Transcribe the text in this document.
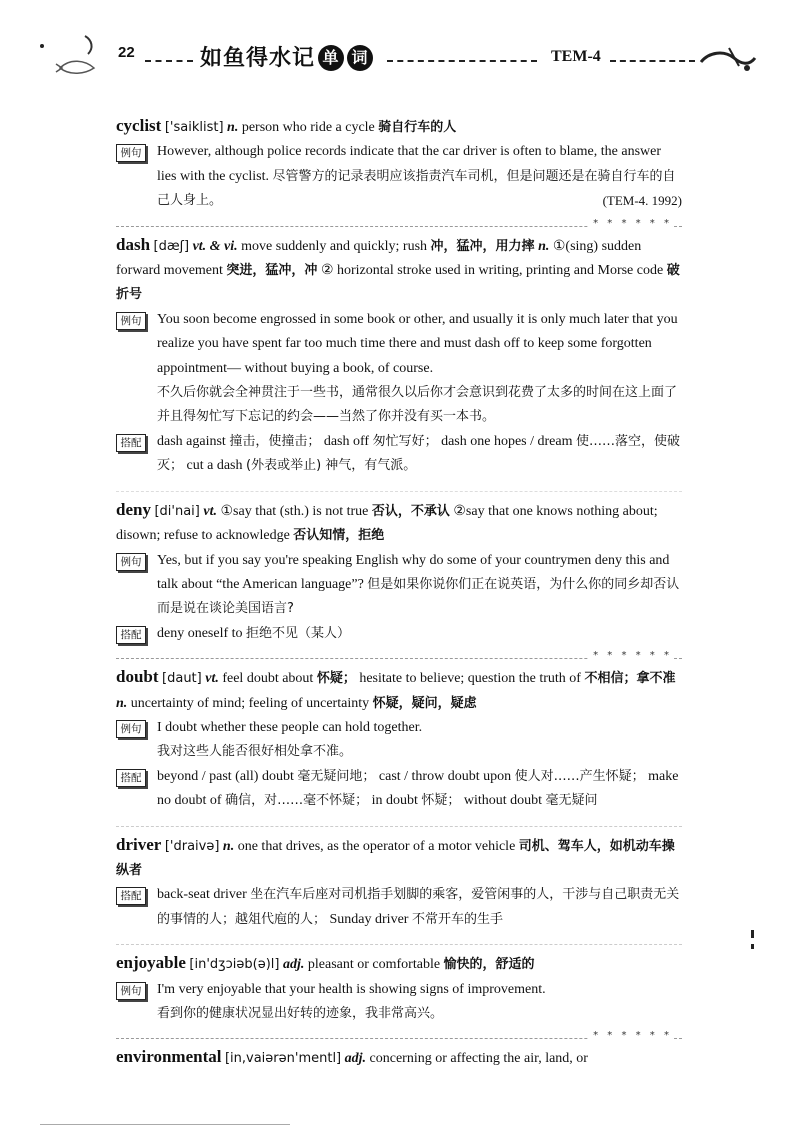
22	如鱼得水记 单 词	TEM-4
cyclist ['saiklist] n. person who ride a cycle 骑自行车的人
例句	However, although police records indicate that the car driver is often to blame, the answer lies with the cyclist. 尽管警方的记录表明应该指责汽车司机，但是问题还是在骑自行车的自己人身上。	(TEM-4. 1992)
* * * * * *
dash [dæʃ] vt. & vi. move suddenly and quickly; rush 冲，猛冲，用力摔 n. ①(sing) sudden forward movement 突进，猛冲，冲 ② horizontal stroke used in writing, printing and Morse code 破折号
例句	You soon become engrossed in some book or other, and usually it is only much later that you realize you have spent far too much time there and must dash off to keep some forgotten appointment— without buying a book, of course.
不久后你就会全神贯注于一些书，通常很久以后你才会意识到花费了太多的时间在这上面了并且得匆忙写下忘记的约会——当然了你并没有买一本书。
搭配	dash against 撞击，使撞击； dash off 匆忙写好； dash one hopes / dream 使……落空，使破灭； cut a dash (外表或举止) 神气，有气派。
deny [di'nai] vt. ①say that (sth.) is not true 否认，不承认 ②say that one knows nothing about; disown; refuse to acknowledge 否认知情，拒绝
例句	Yes, but if you say you're speaking English why do some of your countrymen deny this and talk about “the American language”? 但是如果你说你们正在说英语，为什么你的同乡却否认而是说在谈论美国语言?
搭配	deny oneself to 拒绝不见（某人）
* * * * * *
doubt [daut] vt. feel doubt about 怀疑； hesitate to believe; question the truth of 不相信；拿不准 n. uncertainty of mind; feeling of uncertainty 怀疑，疑问，疑虑
例句	I doubt whether these people can hold together.
我对这些人能否很好相处拿不准。
搭配	beyond / past (all) doubt 毫无疑问地； cast / throw doubt upon 使人对……产生怀疑； make no doubt of 确信，对……毫不怀疑； in doubt 怀疑； without doubt 毫无疑问
driver ['draivə] n. one that drives, as the operator of a motor vehicle 司机、驾车人，如机动车操纵者
搭配	back-seat driver 坐在汽车后座对司机指手划脚的乘客，爱管闲事的人，干涉与自己职责无关的事情的人；越俎代庖的人； Sunday driver 不常开车的生手
enjoyable [in'dʒɔiəb(ə)l] adj. pleasant or comfortable 愉快的，舒适的
例句	I'm very enjoyable that your health is showing signs of improvement.
看到你的健康状况显出好转的迹象，我非常高兴。
* * * * * *
environmental [in,vaiərən'mentl] adj. concerning or affecting the air, land, or
